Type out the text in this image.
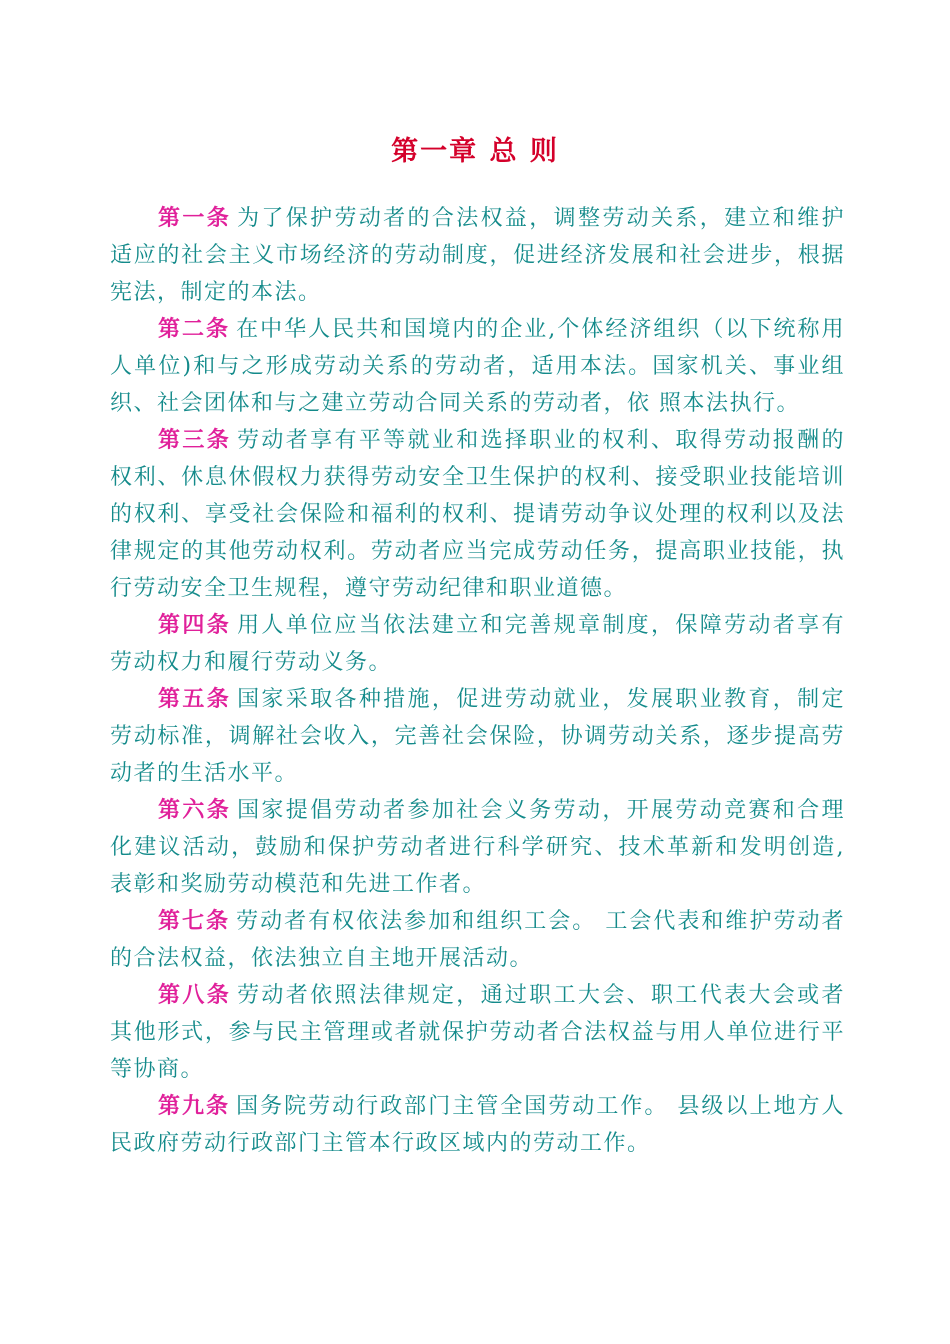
第一章 总 则

第一条 为了保护劳动者的合法权益，调整劳动关系，建立和维护适应的社会主义市场经济的劳动制度，促进经济发展和社会进步，根据宪法，制定的本法。

第二条 在中华人民共和国境内的企业,个体经济组织（以下统称用人单位)和与之形成劳动关系的劳动者，适用本法。国家机关、事业组织、社会团体和与之建立劳动合同关系的劳动者，依 照本法执行。

第三条 劳动者享有平等就业和选择职业的权利、取得劳动报酬的权利、休息休假权力获得劳动安全卫生保护的权利、接受职业技能培训的权利、享受社会保险和福利的权利、提请劳动争议处理的权利以及法律规定的其他劳动权利。劳动者应当完成劳动任务，提高职业技能，执行劳动安全卫生规程，遵守劳动纪律和职业道德。

第四条 用人单位应当依法建立和完善规章制度，保障劳动者享有劳动权力和履行劳动义务。

第五条 国家采取各种措施，促进劳动就业，发展职业教育，制定劳动标准，调解社会收入，完善社会保险，协调劳动关系，逐步提高劳动者的生活水平。

第六条 国家提倡劳动者参加社会义务劳动，开展劳动竞赛和合理化建议活动，鼓励和保护劳动者进行科学研究、技术革新和发明创造,表彰和奖励劳动模范和先进工作者。

第七条 劳动者有权依法参加和组织工会。 工会代表和维护劳动者的合法权益，依法独立自主地开展活动。

第八条 劳动者依照法律规定，通过职工大会、职工代表大会或者其他形式，参与民主管理或者就保护劳动者合法权益与用人单位进行平等协商。

第九条 国务院劳动行政部门主管全国劳动工作。 县级以上地方人民政府劳动行政部门主管本行政区域内的劳动工作。
